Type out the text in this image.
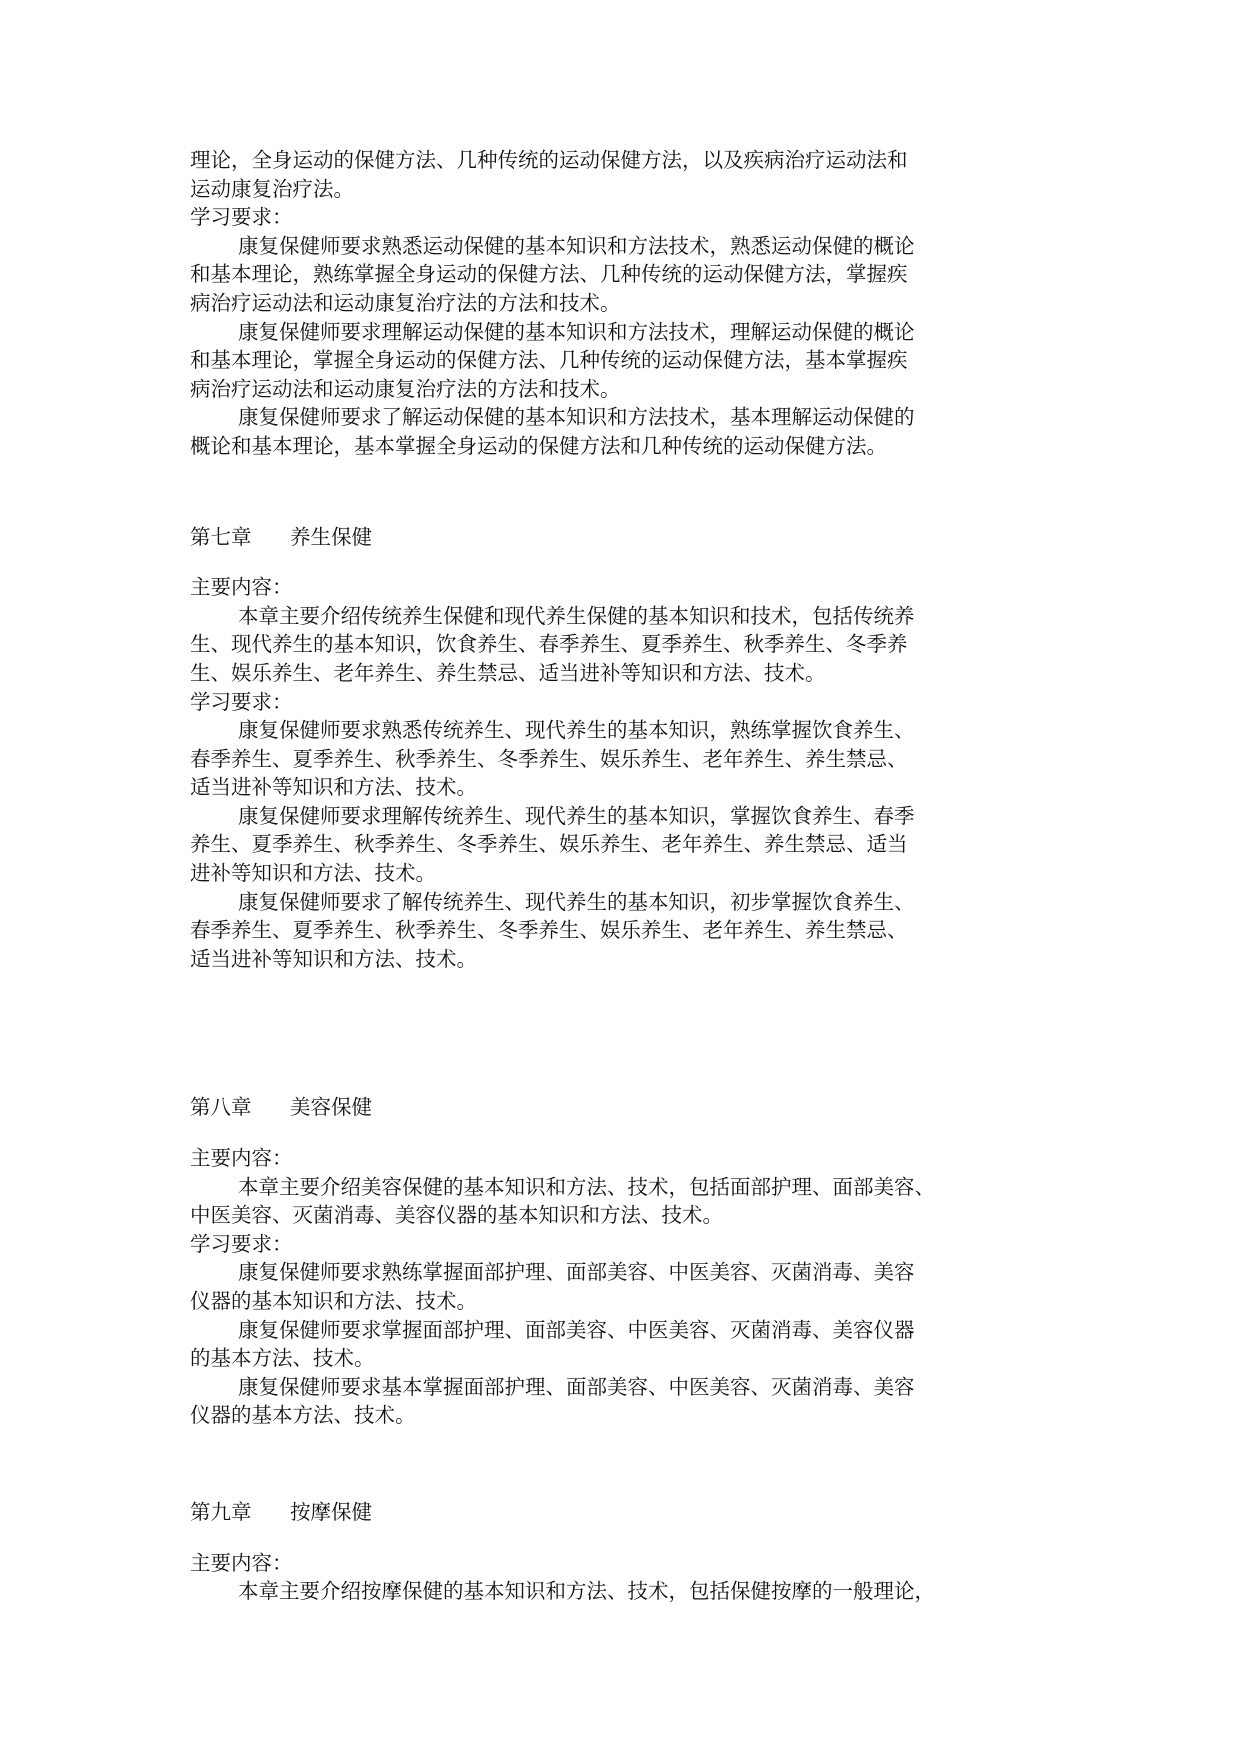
理论，全身运动的保健方法、几种传统的运动保健方法，以及疾病治疗运动法和

运动康复治疗法。

学习要求：

康复保健师要求熟悉运动保健的基本知识和方法技术，熟悉运动保健的概论

和基本理论，熟练掌握全身运动的保健方法、几种传统的运动保健方法，掌握疾

病治疗运动法和运动康复治疗法的方法和技术。

康复保健师要求理解运动保健的基本知识和方法技术，理解运动保健的概论

和基本理论，掌握全身运动的保健方法、几种传统的运动保健方法，基本掌握疾

病治疗运动法和运动康复治疗法的方法和技术。

康复保健师要求了解运动保健的基本知识和方法技术，基本理解运动保健的

概论和基本理论，基本掌握全身运动的保健方法和几种传统的运动保健方法。

第七章 养生保健

主要内容：

本章主要介绍传统养生保健和现代养生保健的基本知识和技术，包括传统养

生、现代养生的基本知识，饮食养生、春季养生、夏季养生、秋季养生、冬季养

生、娱乐养生、老年养生、养生禁忌、适当进补等知识和方法、技术。

学习要求：

康复保健师要求熟悉传统养生、现代养生的基本知识，熟练掌握饮食养生、

春季养生、夏季养生、秋季养生、冬季养生、娱乐养生、老年养生、养生禁忌、

适当进补等知识和方法、技术。

康复保健师要求理解传统养生、现代养生的基本知识，掌握饮食养生、春季

养生、夏季养生、秋季养生、冬季养生、娱乐养生、老年养生、养生禁忌、适当

进补等知识和方法、技术。

康复保健师要求了解传统养生、现代养生的基本知识，初步掌握饮食养生、

春季养生、夏季养生、秋季养生、冬季养生、娱乐养生、老年养生、养生禁忌、

适当进补等知识和方法、技术。

第八章 美容保健

主要内容：

本章主要介绍美容保健的基本知识和方法、技术，包括面部护理、面部美容、

中医美容、灭菌消毒、美容仪器的基本知识和方法、技术。

学习要求：

康复保健师要求熟练掌握面部护理、面部美容、中医美容、灭菌消毒、美容

仪器的基本知识和方法、技术。

康复保健师要求掌握面部护理、面部美容、中医美容、灭菌消毒、美容仪器

的基本方法、技术。

康复保健师要求基本掌握面部护理、面部美容、中医美容、灭菌消毒、美容

仪器的基本方法、技术。

第九章 按摩保健

主要内容：

本章主要介绍按摩保健的基本知识和方法、技术，包括保健按摩的一般理论，
